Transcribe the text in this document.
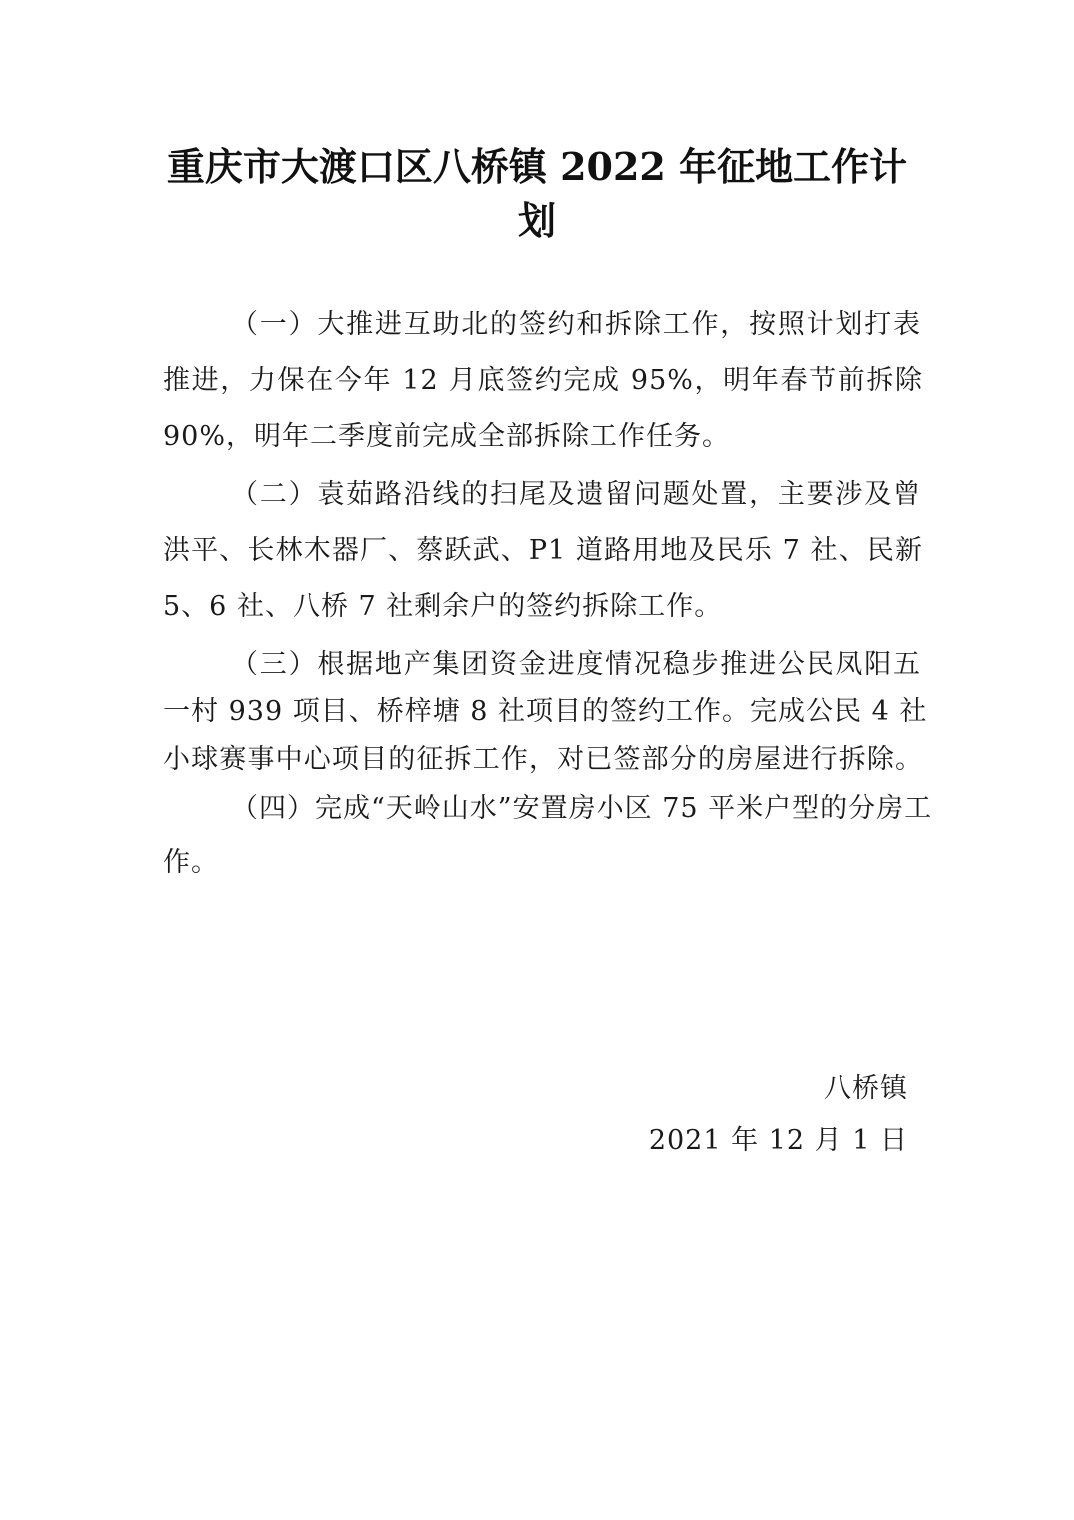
重庆市大渡口区八桥镇 2022 年征地工作计
划
（一）大推进互助北的签约和拆除工作，按照计划打表
推进，力保在今年 12 月底签约完成 95%，明年春节前拆除
90%，明年二季度前完成全部拆除工作任务。
（二）袁茹路沿线的扫尾及遗留问题处置，主要涉及曾
洪平、长林木器厂、蔡跃武、P1 道路用地及民乐 7 社、民新
5、6 社、八桥 7 社剩余户的签约拆除工作。
（三）根据地产集团资金进度情况稳步推进公民凤阳五
一村 939 项目、桥梓塘 8 社项目的签约工作。完成公民 4 社
小球赛事中心项目的征拆工作，对已签部分的房屋进行拆除。
（四）完成“天岭山水”安置房小区 75 平米户型的分房工
作。
八桥镇
2021 年 12 月 1 日
